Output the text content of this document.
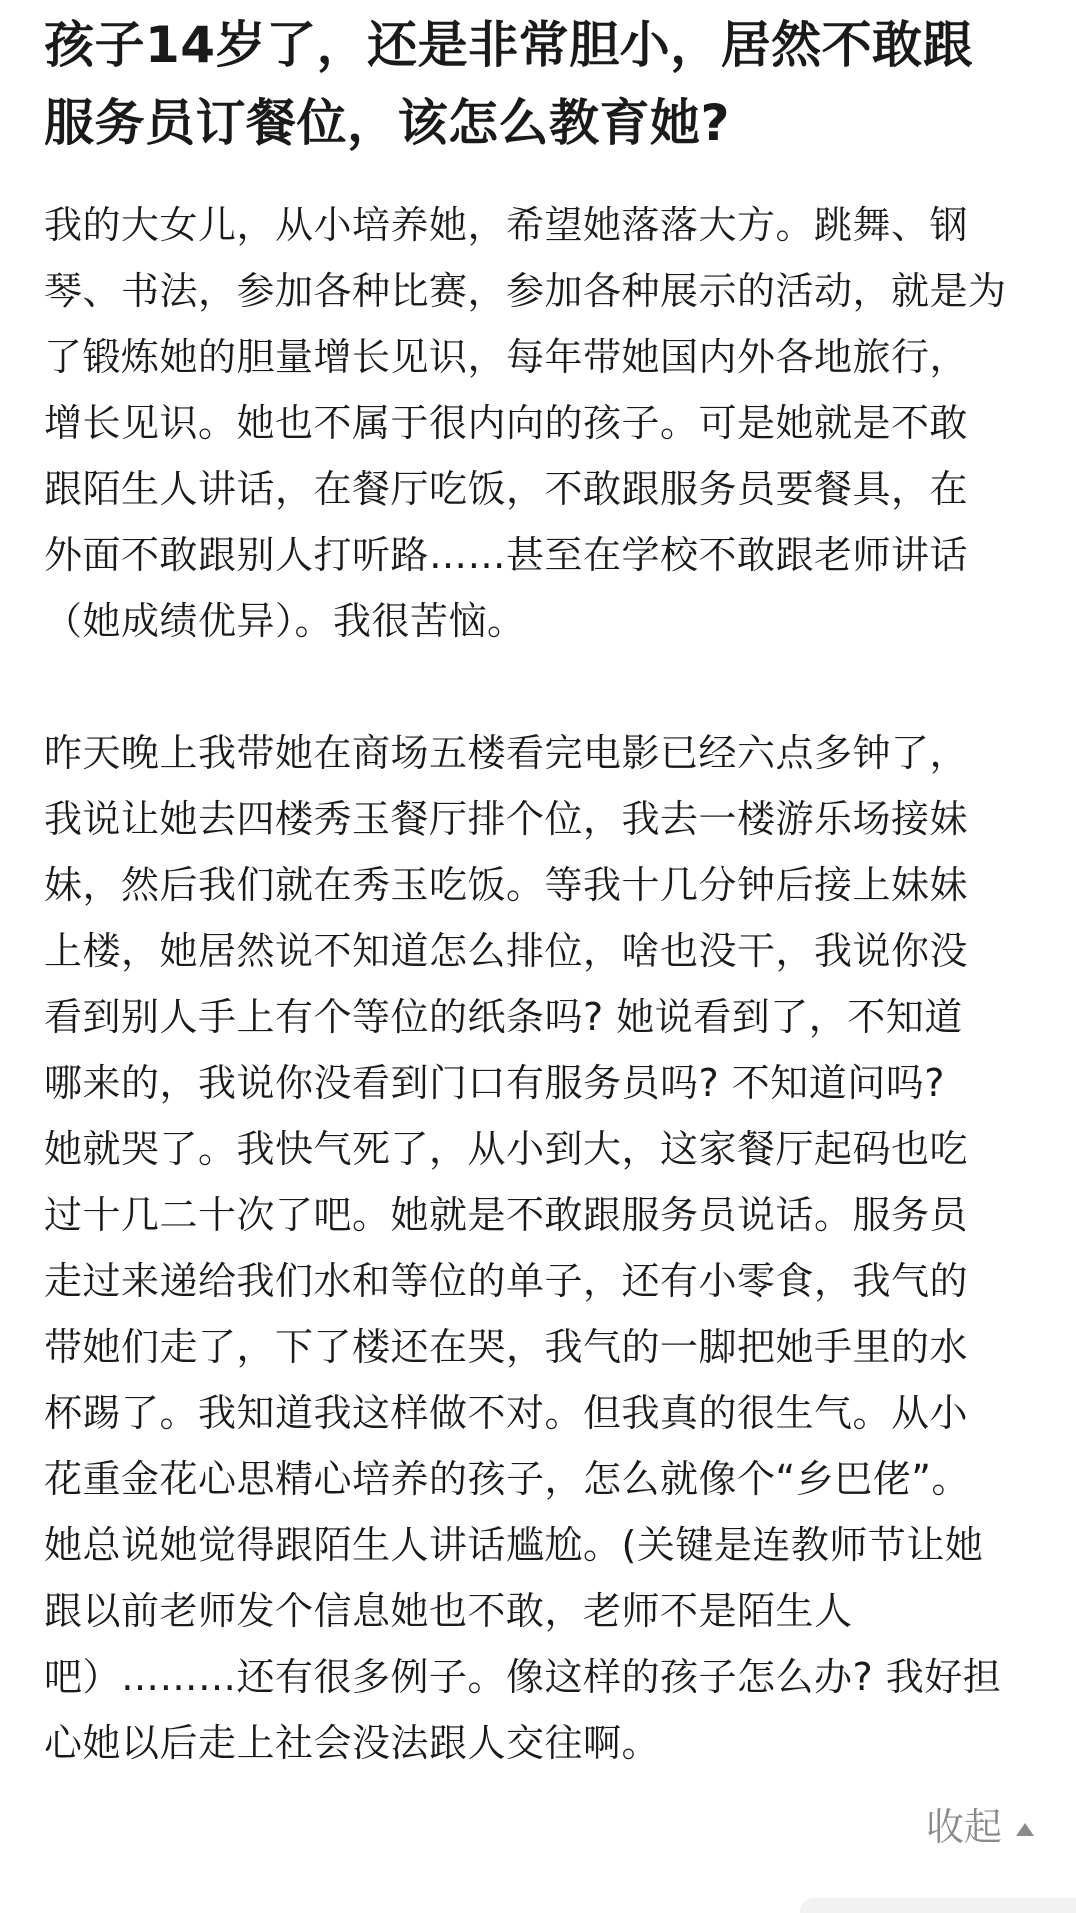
孩子14岁了，还是非常胆小，居然不敢跟
服务员订餐位，该怎么教育她?

我的大女儿，从小培养她，希望她落落大方。跳舞、钢
琴、书法，参加各种比赛，参加各种展示的活动，就是为
了锻炼她的胆量增长见识，每年带她国内外各地旅行，
增长见识。她也不属于很内向的孩子。可是她就是不敢
跟陌生人讲话，在餐厅吃饭，不敢跟服务员要餐具，在
外面不敢跟别人打听路……甚至在学校不敢跟老师讲话
（她成绩优异）。我很苦恼。

昨天晚上我带她在商场五楼看完电影已经六点多钟了，
我说让她去四楼秀玉餐厅排个位，我去一楼游乐场接妹
妹，然后我们就在秀玉吃饭。等我十几分钟后接上妹妹
上楼，她居然说不知道怎么排位，啥也没干，我说你没
看到别人手上有个等位的纸条吗? 她说看到了，不知道
哪来的，我说你没看到门口有服务员吗? 不知道问吗?
她就哭了。我快气死了，从小到大，这家餐厅起码也吃
过十几二十次了吧。她就是不敢跟服务员说话。服务员
走过来递给我们水和等位的单子，还有小零食，我气的
带她们走了，下了楼还在哭，我气的一脚把她手里的水
杯踢了。我知道我这样做不对。但我真的很生气。从小
花重金花心思精心培养的孩子，怎么就像个“乡巴佬”。
她总说她觉得跟陌生人讲话尴尬。(关键是连教师节让她
跟以前老师发个信息她也不敢，老师不是陌生人
吧）………还有很多例子。像这样的孩子怎么办? 我好担
心她以后走上社会没法跟人交往啊。

收起
